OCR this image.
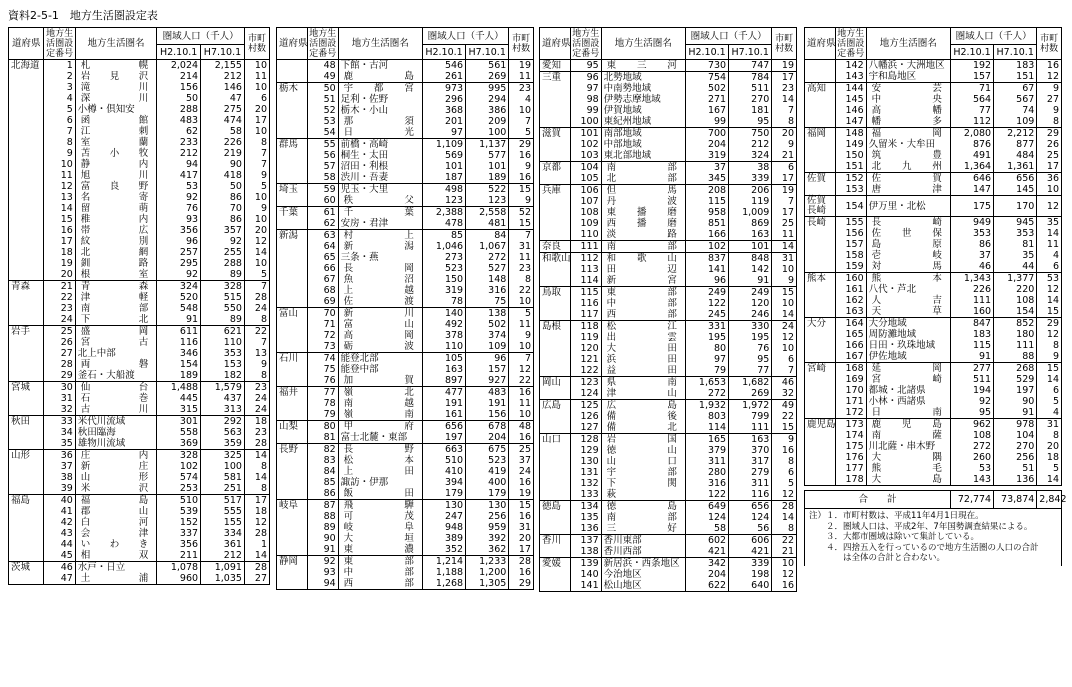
資料2-5-1　地方生活圏設定表
道府県	地方生活圏設定番号	地方生活圏名	圏域人口（千人）		市町村数
			H2.10.1	H7.10.1	
北海道	1	札幌	2,024	2,155	10
	2	岩見沢	214	212	11
	3	滝川	156	146	10
	4	深川	50	47	6
	5	小樽・倶知安	288	275	20
	6	函館	483	474	17
	7	江刺	62	58	10
	8	室蘭	233	226	8
	9	苫小牧	212	219	7
	10	静内	94	90	7
	11	旭川	417	418	9
	12	富良野	53	50	5
	13	名寄	92	86	10
	14	留萌	76	70	9
	15	稚内	93	86	10
	16	帯広	356	357	20
	17	紋別	96	92	12
	18	北網	257	255	14
	19	釧路	295	288	10
	20	根室	92	89	5
青森	21	青森	324	328	7
	22	津軽	520	515	28
	23	南部	548	550	24
	24	下北	91	89	8
岩手	25	盛岡	611	621	22
	26	宮古	116	110	7
	27	北上中部	346	353	13
	28	両磐	154	153	9
	29	釜石・大船渡	189	182	8
宮城	30	仙台	1,488	1,579	23
	31	石巻	445	437	24
	32	古川	315	313	24
秋田	33	米代川流域	301	292	18
	34	秋田臨海	558	563	23
	35	雄物川流域	369	359	28
山形	36	庄内	328	325	14
	37	新庄	102	100	8
	38	山形	574	581	14
	39	米沢	253	251	8
福島	40	福島	510	517	17
	41	郡山	539	555	18
	42	白河	152	155	12
	43	会津	337	334	28
	44	いわき	356	361	1
	45	相双	211	212	14
茨城	46	水戸・日立	1,078	1,091	28
	47	土浦	960	1,035	27
道府県	地方生活圏設定番号	地方生活圏名	圏域人口（千人）		市町村数
			H2.10.1	H7.10.1	
	48	下館・古河	546	561	19
	49	鹿島	261	269	11
栃木	50	宇都宮	973	995	23
	51	足利・佐野	296	294	4
	52	栃木・小山	368	386	10
	53	那須	201	209	7
	54	日光	97	100	5
群馬	55	前橋・高崎	1,109	1,137	29
	56	桐生・太田	569	577	16
	57	沼田・利根	101	101	9
	58	渋川・吾妻	187	189	16
埼玉	59	児玉・大里	498	522	15
	60	秩父	123	123	9
千葉	61	千葉	2,388	2,558	52
	62	安房・君津	478	481	15
新潟	63	村上	85	84	7
	64	新潟	1,046	1,067	31
	65	三条・燕	273	272	11
	66	長岡	523	527	23
	67	魚沼	150	148	8
	68	上越	319	316	22
	69	佐渡	78	75	10
富山	70	新川	140	138	5
	71	富山	492	502	11
	72	高岡	378	374	9
	73	砺波	110	109	10
石川	74	能登北部	105	96	7
	75	能登中部	163	157	12
	76	加賀	897	927	22
福井	77	嶺北	477	483	16
	78	南越	191	191	11
	79	嶺南	161	156	10
山梨	80	甲府	656	678	48
	81	富士北麓・東部	197	204	16
長野	82	長野	663	675	25
	83	松本	510	523	37
	84	上田	410	419	24
	85	諏訪・伊那	394	400	16
	86	飯田	179	179	19
岐阜	87	飛騨	130	130	15
	88	可茂	247	256	16
	89	岐阜	948	959	31
	90	大垣	389	392	20
	91	東濃	352	362	17
静岡	92	東部	1,214	1,233	28
	93	中部	1,188	1,200	16
	94	西部	1,268	1,305	29
道府県	地方生活圏設定番号	地方生活圏名	圏域人口（千人）		市町村数
			H2.10.1	H7.10.1	
愛知	95	東三河	730	747	19
三重	96	北勢地域	754	784	17
	97	中南勢地域	502	511	23
	98	伊勢志摩地域	271	270	14
	99	伊賀地域	167	181	7
	100	東紀州地域	99	95	8
滋賀	101	南部地域	700	750	20
	102	中部地域	204	212	9
	103	東北部地域	319	324	21
京都	104	南部	37	38	6
	105	北部	345	339	17
兵庫	106	但馬	208	206	19
	107	丹波	115	119	7
	108	東播磨	958	1,009	17
	109	西播磨	851	869	25
	110	淡路	166	163	11
奈良	111	南部	102	101	14
和歌山	112	和歌山	837	848	31
	113	田辺	141	142	10
	114	新宮	96	91	9
鳥取	115	東部	249	249	15
	116	中部	122	120	10
	117	西部	245	246	14
島根	118	松江	331	330	24
	119	出雲	195	195	12
	120	大田	80	76	10
	121	浜田	97	95	6
	122	益田	79	77	7
岡山	123	県南	1,653	1,682	46
	124	津山	272	269	32
広島	125	広島	1,932	1,972	49
	126	備後	803	799	22
	127	備北	114	111	15
山口	128	岩国	165	163	9
	129	徳山	379	370	16
	130	山口	311	317	8
	131	宇部	280	279	6
	132	下関	316	311	5
	133	萩	122	116	12
徳島	134	徳島	649	656	28
	135	南部	124	124	14
	136	三好	58	56	8
香川	137	香川東部	602	606	22
	138	香川西部	421	421	21
愛媛	139	新居浜・西条地区	342	339	10
	140	今治地区	204	198	12
	141	松山地区	622	640	16
道府県	地方生活圏設定番号	地方生活圏名	圏域人口（千人）		市町村数
			H2.10.1	H7.10.1	
	142	八幡浜・大洲地区	192	183	16
	143	宇和島地区	157	151	12
高知	144	安芸	71	67	9
	145	中央	564	567	27
	146	高幡	77	74	9
	147	幡多	112	109	8
福岡	148	福岡	2,080	2,212	29
	149	久留米・大牟田	876	877	26
	150	筑豊	491	484	25
	151	北九州	1,364	1,361	17
佐賀	152	佐賀	646	656	36
	153	唐津	147	145	10
佐賀長崎	154	伊万里・北松	175	170	12
長崎	155	長崎	949	945	35
	156	佐世保	353	353	14
	157	島原	86	81	11
	158	壱岐	37	35	4
	159	対馬	46	44	6
熊本	160	熊本	1,343	1,377	53
	161	八代・芦北	226	220	12
	162	人吉	111	108	14
	163	天草	160	154	15
大分	164	大分地域	847	852	29
	165	周防灘地域	183	180	12
	166	日田・玖珠地域	115	111	8
	167	伊佐地域	91	88	9
宮崎	168	延岡	277	268	15
	169	宮崎	511	529	14
	170	都城・北諸県	194	197	6
	171	小林・西諸県	92	90	5
	172	日南	95	91	4
鹿児島	173	鹿児島	962	978	31
	174	南薩	108	104	8
	175	川北薩・串木野	272	270	20
	176	大隅	260	256	18
	177	熊毛	53	51	5
	178	大島	143	136	14

合　　計			72,774	73,874	2,842

注）１．市町村数は、平成11年4月1日現在。
　　２．圏域人口は、平成2年、7年国勢調査結果による。
　　３．大都市圏域は除いて集計している。
　　４．四捨五入を行っているので地方生活圏の人口の合計
　　　　は全体の合計と合わない。					
